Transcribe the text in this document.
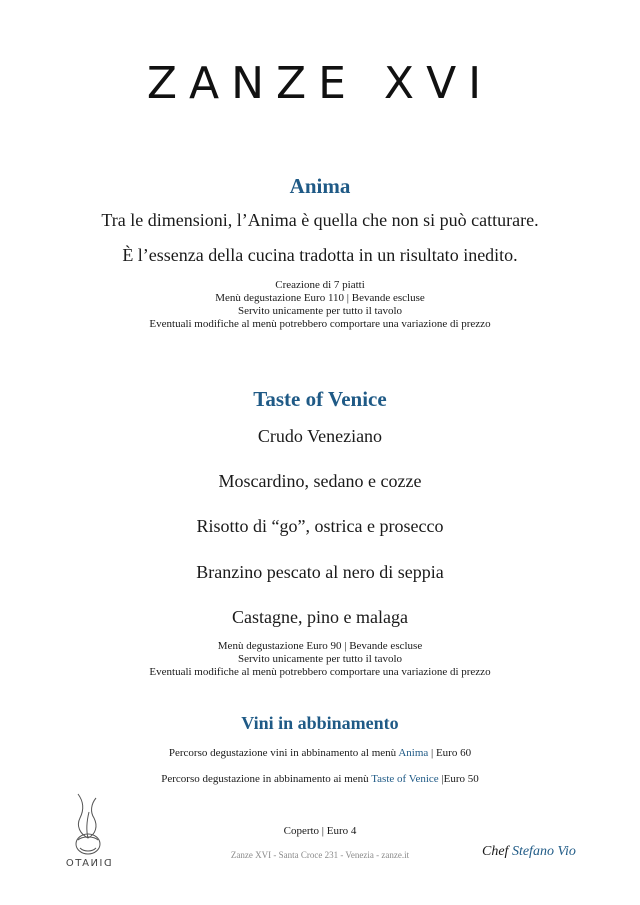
ZANZE XVI
Anima
Tra le dimensioni, l’Anima è quella che non si può catturare.
È l’essenza della cucina tradotta in un risultato inedito.
Creazione di 7 piatti
Menù degustazione Euro 110 | Bevande escluse
Servito unicamente per tutto il tavolo
Eventuali modifiche al menù potrebbero comportare una variazione di prezzo
Taste of Venice
Crudo Veneziano
Moscardino, sedano e cozze
Risotto di “go”, ostrica e prosecco
Branzino pescato al nero di seppia
Castagne, pino e malaga
Menù degustazione Euro 90 | Bevande escluse
Servito unicamente per tutto il tavolo
Eventuali modifiche al menù potrebbero comportare una variazione di prezzo
Vini in abbinamento
Percorso degustazione vini in abbinamento al menù Anima | Euro 60
Percorso degustazione in abbinamento ai menù Taste of Venice |Euro 50
Coperto | Euro 4
Zanze XVI - Santa Croce 231 - Venezia - zanze.it	Chef Stefano Vio
DINATO
